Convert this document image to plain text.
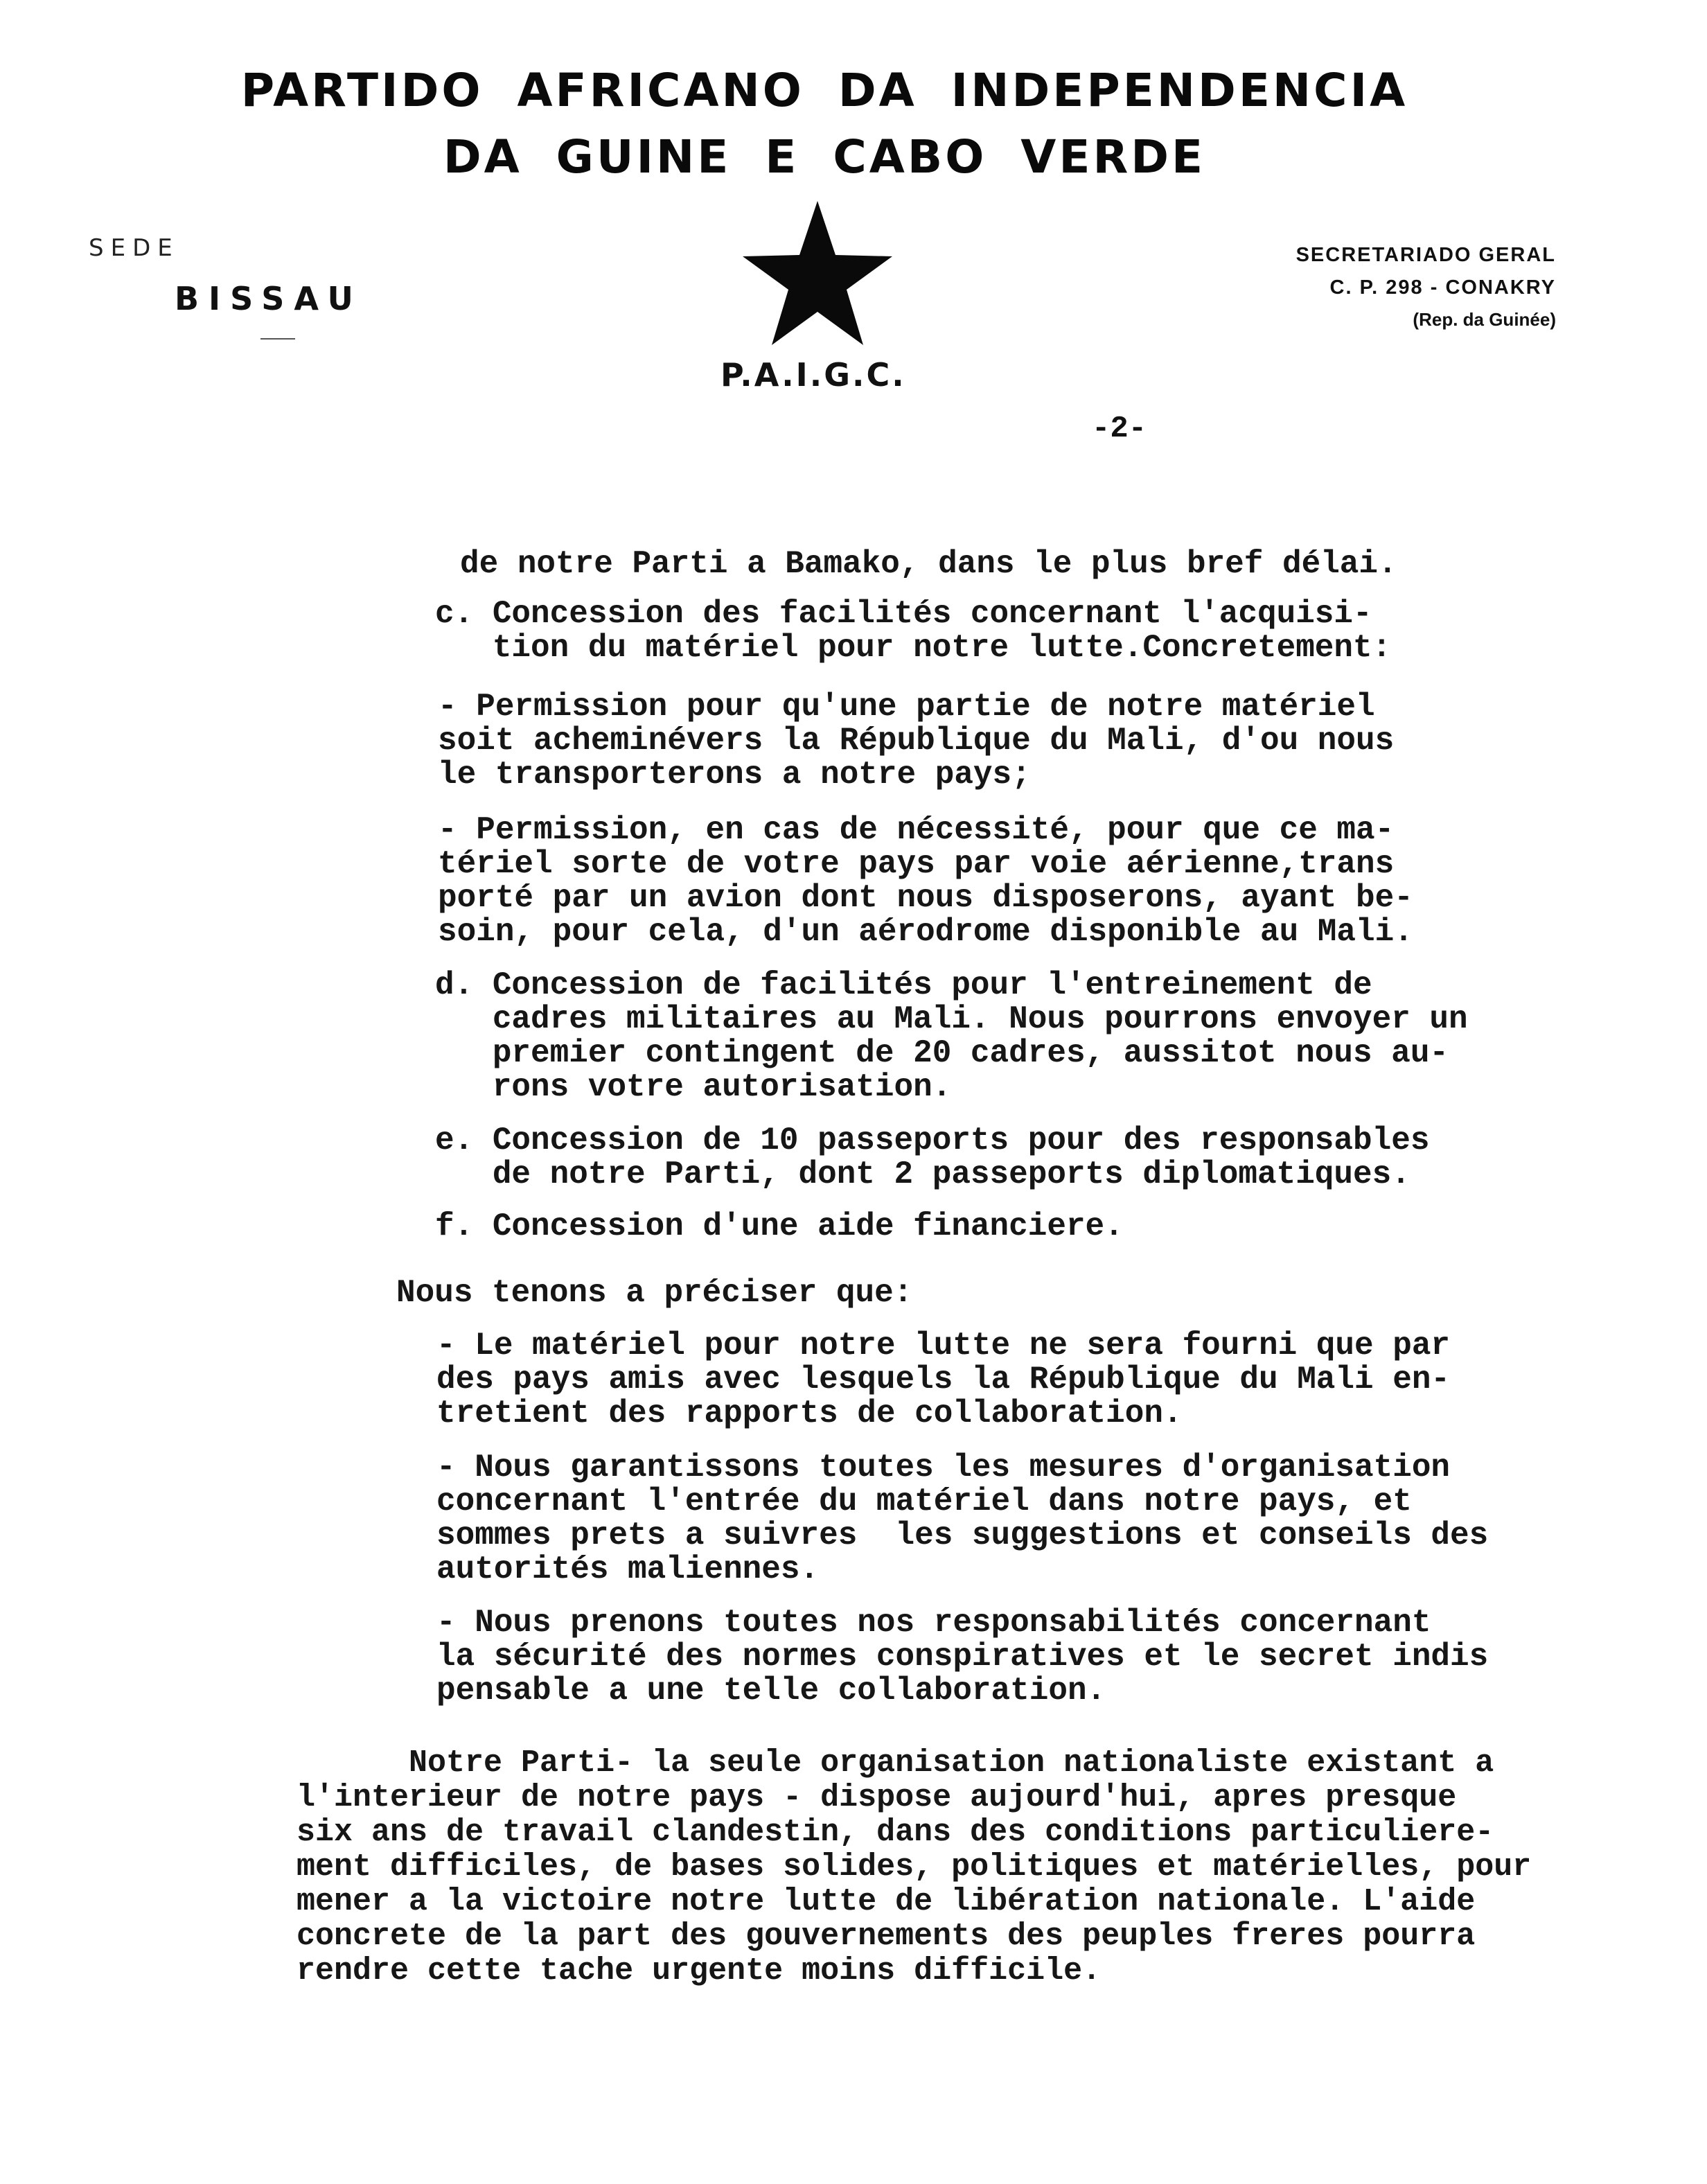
PARTIDO AFRICANO DA INDEPENDENCIA
DA GUINE E CABO VERDE
SEDE
BISSAU
P.A.I.G.C.
SECRETARIADO GERAL
C. P. 298 - CONAKRY
(Rep. da Guinée)
-2-
de notre Parti a Bamako, dans le plus bref délai.
c. Concession des facilités concernant l'acquisi-
tion du matériel pour notre lutte.Concretement:
- Permission pour qu'une partie de notre matériel
soit acheminévers la République du Mali, d'ou nous
le transporterons a notre pays;
- Permission, en cas de nécessité, pour que ce ma-
tériel sorte de votre pays par voie aérienne,trans
porté par un avion dont nous disposerons, ayant be-
soin, pour cela, d'un aérodrome disponible au Mali.
d. Concession de facilités pour l'entreinement de
cadres militaires au Mali. Nous pourrons envoyer un
premier contingent de 20 cadres, aussitot nous au-
rons votre autorisation.
e. Concession de 10 passeports pour des responsables
de notre Parti, dont 2 passeports diplomatiques.
f. Concession d'une aide financiere.
Nous tenons a préciser que:
- Le matériel pour notre lutte ne sera fourni que par
des pays amis avec lesquels la République du Mali en-
tretient des rapports de collaboration.
- Nous garantissons toutes les mesures d'organisation
concernant l'entrée du matériel dans notre pays, et
sommes prets a suivres  les suggestions et conseils des
autorités maliennes.
- Nous prenons toutes nos responsabilités concernant
la sécurité des normes conspiratives et le secret indis
pensable a une telle collaboration.
Notre Parti- la seule organisation nationaliste existant a
l'interieur de notre pays - dispose aujourd'hui, apres presque
six ans de travail clandestin, dans des conditions particuliere-
ment difficiles, de bases solides, politiques et matérielles, pour
mener a la victoire notre lutte de libération nationale. L'aide
concrete de la part des gouvernements des peuples freres pourra
rendre cette tache urgente moins difficile.
